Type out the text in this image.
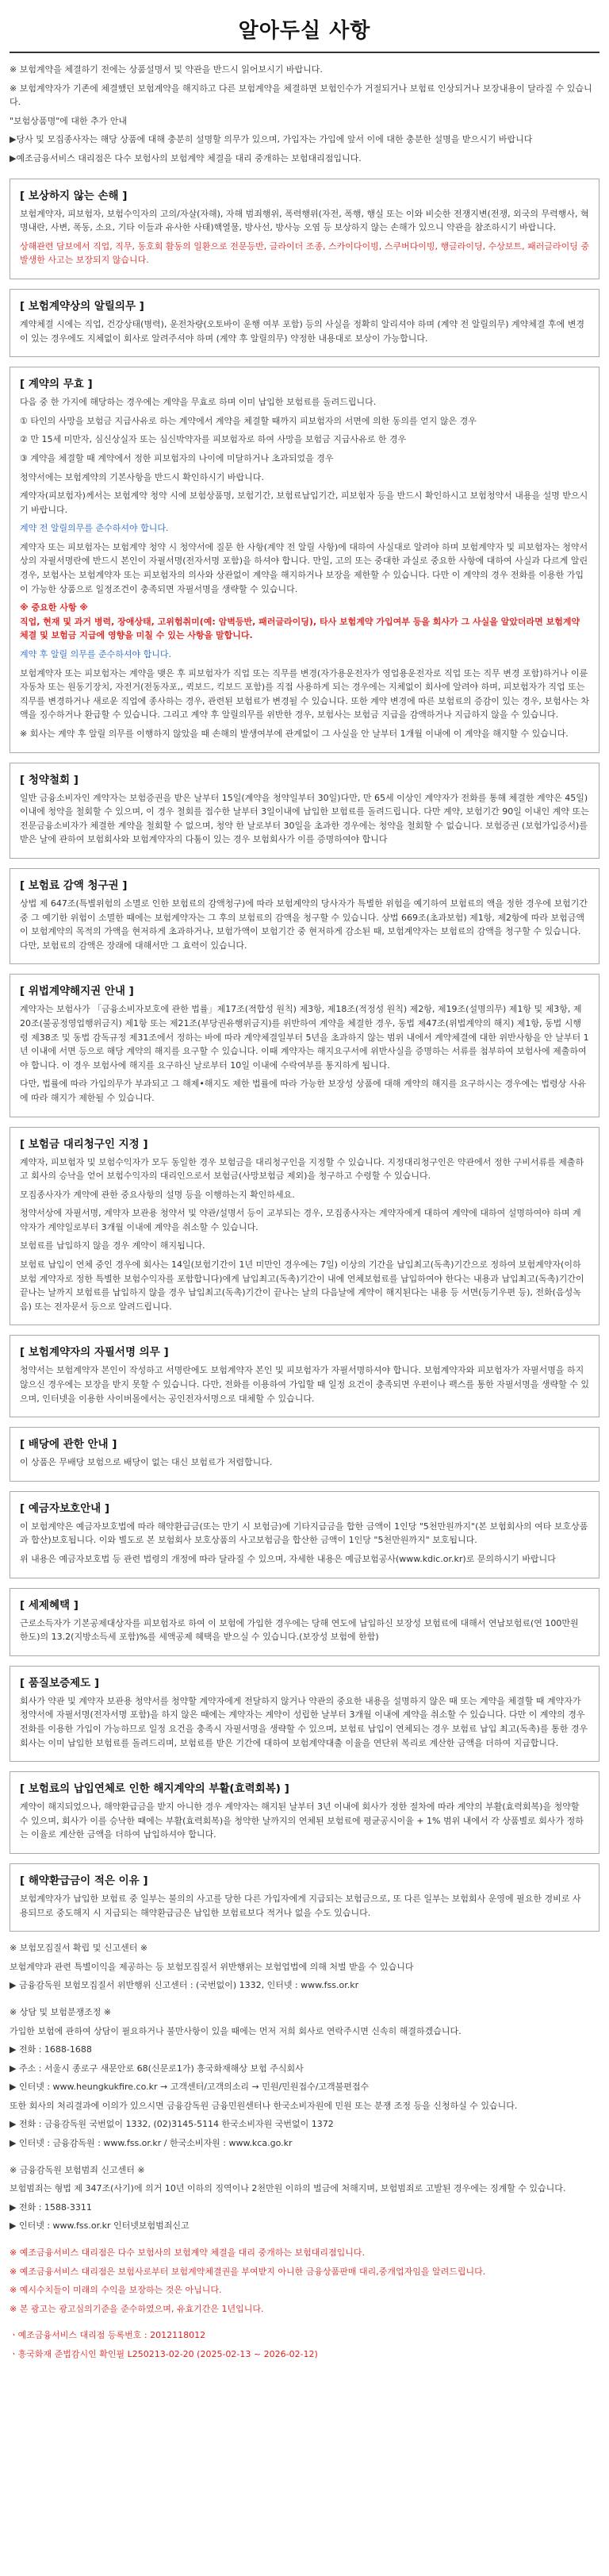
알아두실 사항

※ 보험계약을 체결하기 전에는 상품설명서 및 약관을 반드시 읽어보시기 바랍니다.

※ 보험계약자가 기존에 체결했던 보험계약을 해지하고 다른 보험계약을 체결하면 보험인수가 거절되거나 보험료 인상되거나 보장내용이 달라질 수 있습니다.

"보험상품명"에 대한 추가 안내

▶당사 및 모집종사자는 해당 상품에 대해 충분히 설명할 의무가 있으며, 가입자는 가입에 앞서 이에 대한 충분한 설명을 받으시기 바랍니다

▶예조금융서비스 대리점은 다수 보험사의 보험계약 체결을 대리 중개하는 보험대리점입니다.

[ 보상하지 않는 손해 ]

보험계약자, 피보험자, 보험수익자의 고의/자살(자해), 자해 범죄행위, 폭력행위(자전, 폭행, 행실 또는 이와 비슷한 전쟁지변(전쟁, 외국의 무력행사, 혁명내란, 사변, 폭동, 소요, 기타 이들과 유사한 사태)핵열물, 방사선, 방사능 오염 등 보상하지 않는 손해가 있으니 약관을 참조하시기 바랍니다.

상해관련 담보에서 직업, 직무, 동호회 활동의 일환으로 전문등반, 글라이더 조종, 스카이다이빙, 스쿠버다이빙, 행글라이딩, 수상보트, 패러글라이딩 중 발생한 사고는 보장되지 않습니다.

[ 보험계약상의 알릴의무 ]

계약체결 시에는 직업, 건강상태(병력), 운전차량(오토바이 운행 여부 포함) 등의 사실을 정확히 알리셔야 하며 (계약 전 알릴의무) 계약체결 후에 변경이 있는 경우에도 지체없이 회사로 알려주셔야 하며 (계약 후 알릴의무) 약정한 내용대로 보상이 가능합니다.

[ 계약의 무효 ]

다음 중 한 가지에 해당하는 경우에는 계약을 무효로 하며 이미 납입한 보험료를 돌려드립니다.

① 타인의 사망을 보험금 지급사유로 하는 계약에서 계약을 체결할 때까지 피보험자의 서면에 의한 동의를 얻지 않은 경우

② 만 15세 미만자, 심신상실자 또는 심신박약자를 피보험자로 하여 사망을 보험금 지급사유로 한 경우

③ 계약을 체결할 때 계약에서 정한 피보험자의 나이에 미달하거나 초과되었을 경우

청약서에는 보험계약의 기본사항을 반드시 확인하시기 바랍니다.

계약자(피보험자)께서는 보험계약 청약 시에 보험상품명, 보험기간, 보험료납입기간, 피보험자 등을 반드시 확인하시고 보험청약서 내용을 설명 받으시기 바랍니다.

계약 전 알릴의무를 준수하셔야 합니다.

계약자 또는 피보험자는 보험계약 청약 시 청약서에 질문 한 사항(계약 전 알릴 사항)에 대하여 사실대로 알려야 하며 보험계약자 및 피보험자는 청약서상의 자필서명란에 반드시 본인이 자필서명(전자서명 포함)을 하셔야 합니다. 만일, 고의 또는 중대한 과실로 중요한 사항에 대하여 사실과 다르게 알린 경우, 보험사는 보험계약자 또는 피보험자의 의사와 상관없이 계약을 해지하거나 보장을 제한할 수 있습니다. 다만 이 계약의 경우 전화를 이용한 가입이 가능한 상품으로 일정조건이 충족되면 자필서명을 생략할 수 있습니다.

※ 중요한 사항 ※
직업, 현재 및 과거 병력, 장애상태, 고위험취미(예: 암벽등반, 패러글라이딩), 타사 보험계약 가입여부 등을 회사가 그 사실을 알았더라면 보험계약 체결 및 보험금 지급에 영향을 미칠 수 있는 사항을 말합니다.

계약 후 알릴 의무를 준수하셔야 합니다.

보험계약자 또는 피보험자는 계약을 맺은 후 피보험자가 직업 또는 직무를 변경(자가용운전자가 영업용운전자로 직업 또는 직무 변경 포함)하거나 이륜자동차 또는 원동기장치, 자전거(전동자포,, 퀵보드, 킥보드 포함)를 직접 사용하게 되는 경우에는 지체없이 회사에 알려야 하며, 피보험자가 직업 또는 직무를 변경하거나 새로운 직업에 종사하는 경우, 관련된 보험료가 변경될 수 있습니다. 또한 계약 변경에 따른 보험료의 증감이 있는 경우, 보험사는 차액을 징수하거나 환급할 수 있습니다. 그리고 계약 후 알릴의무를 위반한 경우, 보험사는 보험금 지급을 감액하거나 지급하지 않을 수 있습니다.

※ 회사는 계약 후 알릴 의무를 이행하지 않았을 때 손해의 발생여부에 관계없이 그 사실을 안 날부터 1개월 이내에 이 계약을 해지할 수 있습니다.

[ 청약철회 ]

일반 금융소비자인 계약자는 보험증권을 받은 날부터 15일(계약을 청약일부터 30일)다만, 만 65세 이상인 계약자가 전화를 통해 체결한 계약은 45일)이내에 청약을 철회할 수 있으며, 이 경우 철회를 접수한 날부터 3일이내에 납입한 보험료를 돌려드립니다. 다만 계약, 보험기간 90일 이내인 계약 또는 전문금융소비자가 체결한 계약을 철회할 수 없으며, 청약 한 날로부터 30일을 초과한 경우에는 청약을 철회할 수 없습니다. 보험증권 (보험가입증서)를 받은 날에 관하여 보험회사와 보험계약자의 다툼이 있는 경우 보험회사가 이를 증명하여야 합니다

[ 보험료 감액 청구권 ]

상법 제 647조(특별위험의 소멸로 인한 보험료의 감액청구)에 따라 보험계약의 당사자가 특별한 위험을 예기하여 보험료의 액을 정한 경우에 보험기간 중 그 예기한 위험이 소멸한 때에는 보험계약자는 그 후의 보험료의 감액을 청구할 수 있습니다. 상법 669조(초과보험) 제1항, 제2항에 따라 보험금액이 보험계약의 목적의 가액을 현저하게 초과하거나, 보험가액이 보험기간 중 현저하게 감소된 때, 보험계약자는 보험료의 감액을 청구할 수 있습니다. 다만, 보험료의 감액은 장래에 대해서만 그 효력이 있습니다.

[ 위법계약해지권 안내 ]

계약자는 보험사가 「금융소비자보호에 관한 법률」제17조(적합성 원칙) 제3항, 제18조(적정성 원칙) 제2항, 제19조(설명의무) 제1항 및 제3항, 제20조(불공정영업행위금지) 제1항 또는 제21조(부당권유행위금지)를 위반하여 계약을 체결한 경우, 동법 제47조(위법계약의 해지) 제1항, 동법 시행령 제38조 및 동법 감독규정 제31조에서 정하는 바에 따라 계약체결일부터 5년을 초과하지 않는 범위 내에서 계약체결에 대한 위반사항을 안 날부터 1년 이내에 서면 등으로 해당 계약의 해지를 요구할 수 있습니다. 이때 계약자는 해지요구서에 위반사실을 증명하는 서류를 첨부하여 보험사에 제출하여야 합니다. 이 경우 보험사에 해지를 요구하신 날로부터 10일 이내에 수락여부를 통지하게 됩니다.

다만, 법률에 따라 가입의무가 부과되고 그 해제•해지도 제한 법률에 따라 가능한 보장성 상품에 대해 계약의 해지를 요구하시는 경우에는 법령상 사유에 따라 해지가 제한될 수 있습니다.

[ 보험금 대리청구인 지정 ]

계약자, 피보험자 및 보험수익자가 모두 동일한 경우 보험금을 대리청구인을 지정할 수 있습니다. 지정대리청구인은 약관에서 정한 구비서류를 제출하고 회사의 승낙을 얻어 보험수익자의 대리인으로서 보험금(사망보험금 제외)을 청구하고 수령할 수 있습니다.

모집종사자가 계약에 관한 중요사항의 설명 등을 이행하는지 확인하세요.

청약서상에 자필서명, 계약자 보관용 청약서 및 약관/설명서 등이 교부되는 경우, 모집종사자는 계약자에게 대하여 계약에 대하여 설명하여야 하며 계약자가 계약일로부터 3개월 이내에 계약을 취소할 수 있습니다.

보험료를 납입하지 않을 경우 계약이 해지됩니다.

보험료 납입이 연체 중인 경우에 회사는 14일(보험기간이 1년 미만인 경우에는 7일) 이상의 기간을 납입최고(독촉)기간으로 정하여 보험계약자(이하 보험 계약자로 정한 특별한 보험수익자를 포함합니다)에게 납입최고(독촉)기간이 내에 연체보험료를 납입하여야 한다는 내용과 납입최고(독촉)기간이 끝나는 날까지 보험료를 납입하지 않을 경우 납입최고(독촉)기간이 끝나는 날의 다음날에 계약이 해지된다는 내용 등 서면(등기우편 등), 전화(음성녹음) 또는 전자문서 등으로 알려드립니다.

[ 보험계약자의 자필서명 의무 ]

청약서는 보험계약자 본인이 작성하고 서명란에도 보험계약자 본인 및 피보험자가 자필서명하셔야 합니다. 보험계약자와 피보험자가 자필서명을 하지 않으신 경우에는 보장을 받지 못할 수 있습니다. 다만, 전화를 이용하여 가입할 때 일정 요건이 충족되면 우편이나 팩스를 통한 자필서명을 생략할 수 있으며, 인터넷을 이용한 사이버몰에서는 공인전자서명으로 대체할 수 있습니다.

[ 배당에 관한 안내 ]

이 상품은 무배당 보험으로 배당이 없는 대신 보험료가 저렴합니다.

[ 예금자보호안내 ]

이 보험계약은 예금자보호법에 따라 해약환급금(또는 만기 시 보험금)에 기타지급금을 합한 금액이 1인당 "5천만원까지"(본 보험회사의 여타 보호상품과 합산)보호됩니다. 이와 별도로 본 보험회사 보호상품의 사고보험금을 합산한 금액이 1인당 "5천만원까지" 보호됩니다.

위 내용은 예금자보호법 등 관련 법령의 개정에 따라 달라질 수 있으며, 자세한 내용은 예금보험공사(www.kdic.or.kr)로 문의하시기 바랍니다

[ 세제혜택 ]

근로소득자가 기본공제대상자를 피보험자로 하여 이 보험에 가입한 경우에는 당해 연도에 납입하신 보장성 보험료에 대해서 연납보험료(연 100만원 한도)의 13.2(지방소득세 포함)%를 세액공제 혜택을 받으실 수 있습니다.(보장성 보험에 한함)

[ 품질보증제도 ]

회사가 약관 및 계약자 보관용 청약서를 청약할 계약자에게 전달하지 않거나 약관의 중요한 내용을 설명하지 않은 때 또는 계약을 체결할 때 계약자가 청약서에 자필서명(전자서명 포함)을 하지 않은 때에는 계약자는 계약이 성립한 날부터 3개월 이내에 계약을 취소할 수 있습니다. 다만 이 계약의 경우 전화를 이용한 가입이 가능하므로 일정 요건을 충족시 자필서명을 생략할 수 있으며, 보험료 납입이 연체되는 경우 보험료 납입 최고(독촉)를 통한 경우 회사는 이미 납입한 보험료를 돌려드리며, 보험료를 받은 기간에 대하여 보험계약대출 이율을 연단위 복리로 계산한 금액을 더하여 지급합니다.

[ 보험료의 납입연체로 인한 해지계약의 부활(효력회복) ]

계약이 해지되었으나, 해약환급금을 받지 아니한 경우 계약자는 해지된 날부터 3년 이내에 회사가 정한 절차에 따라 계약의 부활(효력회복)을 청약할 수 있으며, 회사가 이를 승낙한 때에는 부활(효력회복)을 청약한 날까지의 연체된 보험료에 평균공시이율 + 1% 범위 내에서 각 상품별로 회사가 정하는 이율로 계산한 금액을 더하여 납입하셔야 합니다.

[ 해약환급금이 적은 이유 ]

보험계약자가 납입한 보험료 중 일부는 불의의 사고를 당한 다른 가입자에게 지급되는 보험금으로, 또 다른 일부는 보험회사 운영에 필요한 경비로 사용되므로 중도해지 시 지급되는 해약환급금은 납입한 보험료보다 적거나 없을 수도 있습니다.

※ 보험모집질서 확립 및 신고센터 ※

보험계약과 관련 특별이익을 제공하는 등 보험모집질서 위반행위는 보험업법에 의해 처벌 받을 수 있습니다

▶ 금융감독원 보험모집질서 위반행위 신고센터 : (국번없이) 1332, 인터넷 : www.fss.or.kr

※ 상담 및 보험분쟁조정 ※

가입한 보험에 관하여 상담이 필요하거나 불만사항이 있을 때에는 먼저 저희 회사로 연락주시면 신속히 해결하겠습니다.

▶ 전화 : 1688-1688

▶ 주소 : 서울시 종로구 새문안로 68(신문로1가) 흥국화재해상 보험 주식회사

▶ 인터넷 : www.heungkukfire.co.kr → 고객센터/고객의소리 → 민원/민원접수/고객불편접수

또한 회사의 처리결과에 이의가 있으시면 금융감독원 금융민원센터나 한국소비자원에 민원 또는 분쟁 조정 등을 신청하실 수 있습니다.

▶ 전화 : 금융감독원 국번없이 1332, (02)3145-5114 한국소비자원 국번없이 1372

▶ 인터넷 : 금융감독원 : www.fss.or.kr / 한국소비자원 : www.kca.go.kr

※ 금융감독원 보험범죄 신고센터 ※

보험범죄는 형법 제 347조(사기)에 의거 10년 이하의 징역이나 2천만원 이하의 벌금에 처해지며, 보험범죄로 고발된 경우에는 징계할 수 있습니다.

▶ 전화 : 1588-3311

▶ 인터넷 : www.fss.or.kr 인터넷보험범죄신고

※ 예조금융서비스 대리점은 다수 보험사의 보험계약 체결을 대리 중개하는 보험대리점입니다.

※ 예조금융서비스 대리점은 보험사로부터 보험계약체결권을 부여받지 아니한 금융상품판매 대리,중개업자임을 알려드립니다.

※ 예시수치들이 미래의 수익을 보장하는 것은 아닙니다.

※ 본 광고는 광고심의기준을 준수하였으며, 유효기간은 1년입니다.

ㆍ예조금융서비스 대리점 등록번호 : 2012118012

ㆍ흥국화재 준법감시인 확인필 L250213-02-20 (2025-02-13 ~ 2026-02-12)
